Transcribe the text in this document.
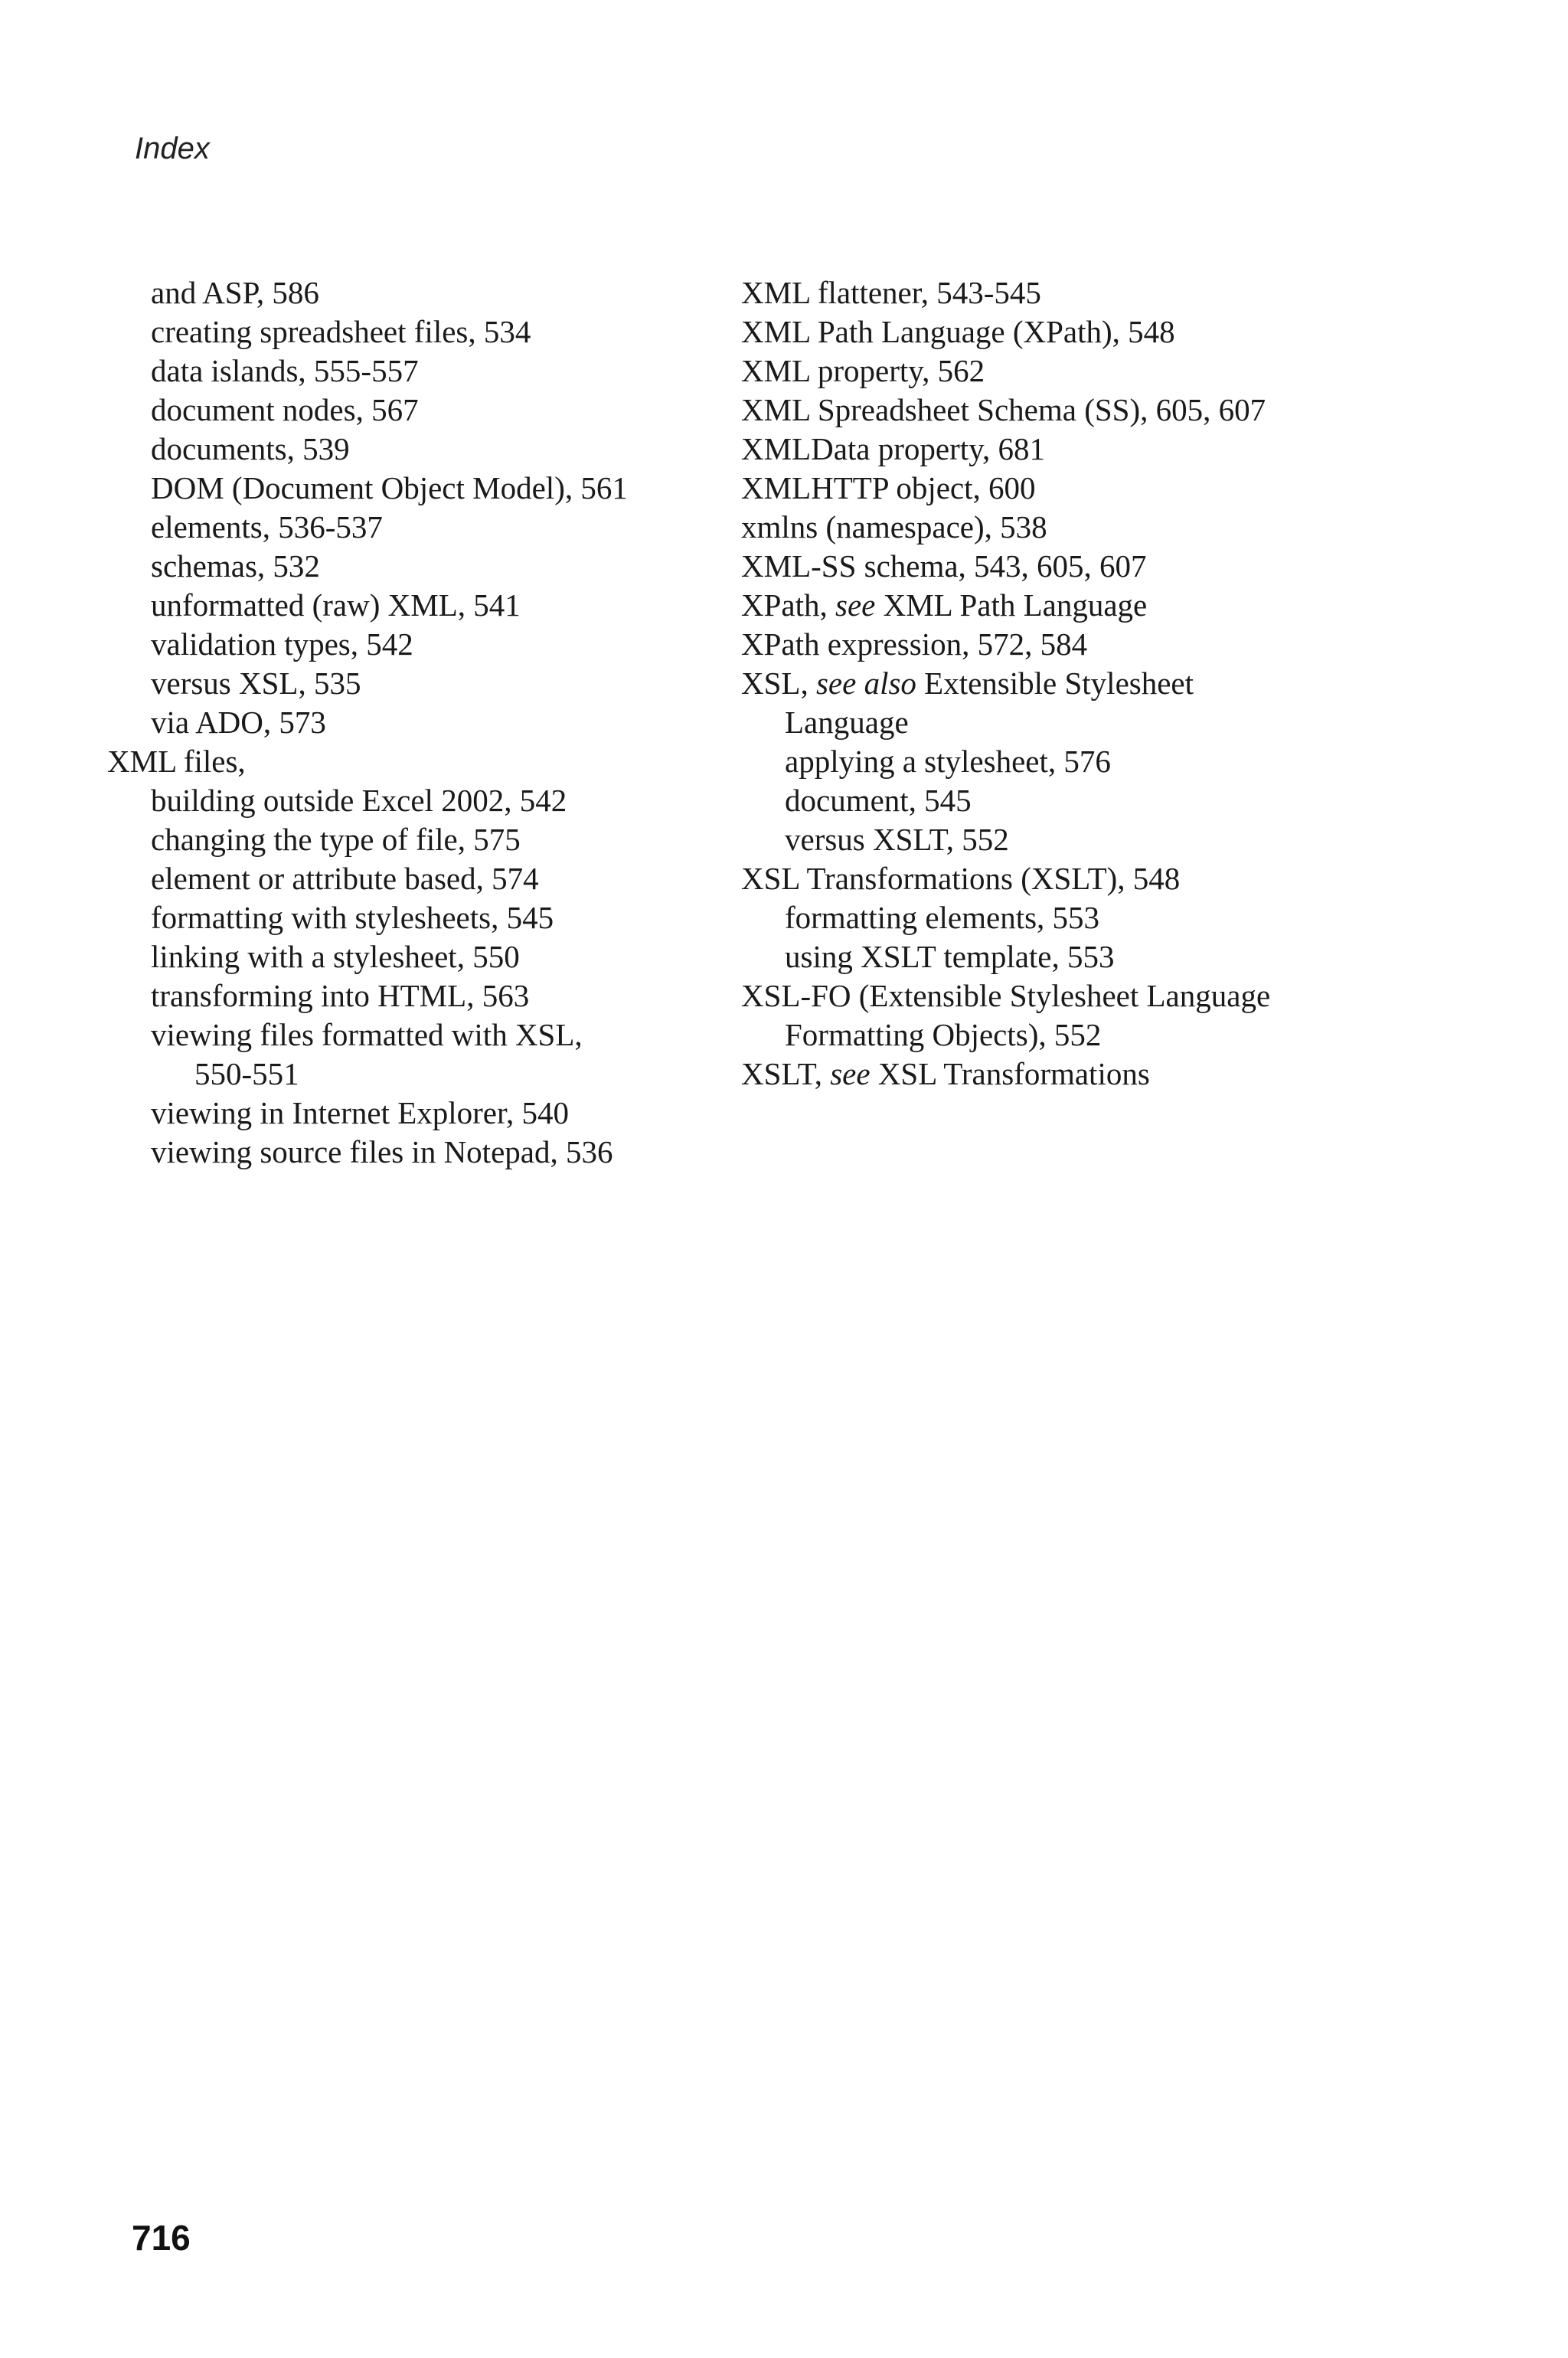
Index
and ASP, 586
creating spreadsheet files, 534
data islands, 555-557
document nodes, 567
documents, 539
DOM (Document Object Model), 561
elements, 536-537
schemas, 532
unformatted (raw) XML, 541
validation types, 542
versus XSL, 535
via ADO, 573
XML files,
building outside Excel 2002, 542
changing the type of file, 575
element or attribute based, 574
formatting with stylesheets, 545
linking with a stylesheet, 550
transforming into HTML, 563
viewing files formatted with XSL,
550-551
viewing in Internet Explorer, 540
viewing source files in Notepad, 536
XML flattener, 543-545
XML Path Language (XPath), 548
XML property, 562
XML Spreadsheet Schema (SS), 605, 607
XMLData property, 681
XMLHTTP object, 600
xmlns (namespace), 538
XML-SS schema, 543, 605, 607
XPath, see XML Path Language
XPath expression, 572, 584
XSL, see also Extensible Stylesheet
Language
applying a stylesheet, 576
document, 545
versus XSLT, 552
XSL Transformations (XSLT), 548
formatting elements, 553
using XSLT template, 553
XSL-FO (Extensible Stylesheet Language
Formatting Objects), 552
XSLT, see XSL Transformations
716
